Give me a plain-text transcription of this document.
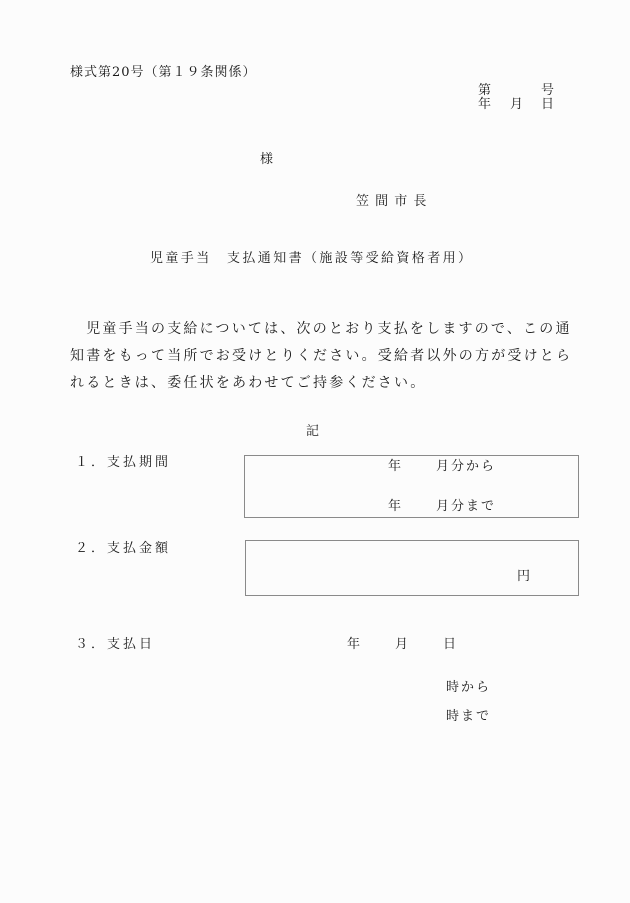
様式第20号（第１９条関係）
第	号
年 月 日
様
笠 間 市 長
児童手当　支払通知書（施設等受給資格者用）
　児童手当の支給については、次のとおり支払をしますので、この通
知書をもって当所でお受けとりください。受給者以外の方が受けとら
れるときは、委任状をあわせてご持参ください。
記
１．支払期間	年	月分から
年	月分まで
２．支払金額
円
３．支払日	年	月	日
時から
時まで
